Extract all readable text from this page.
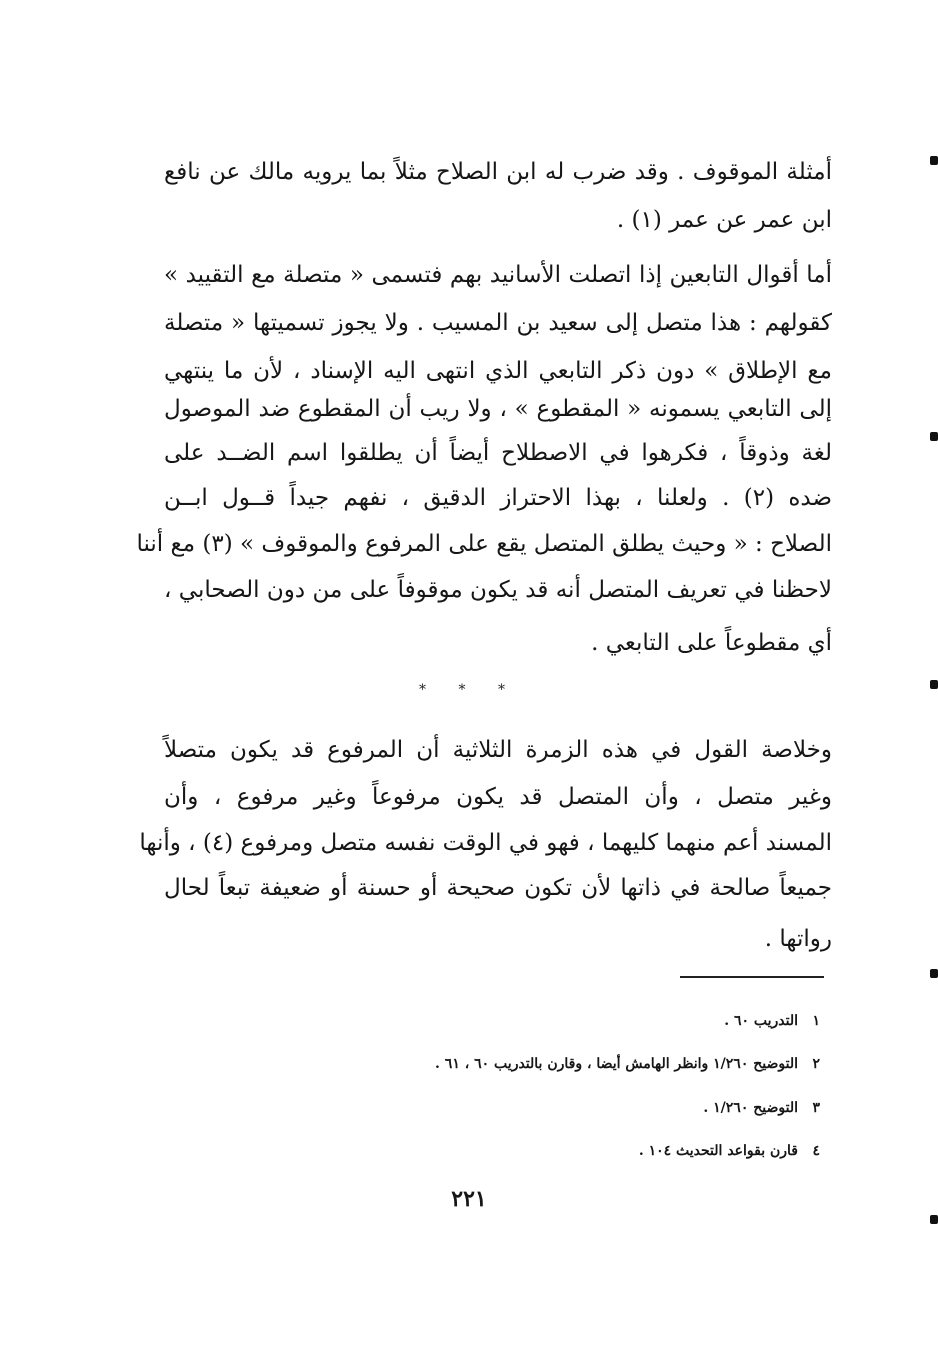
أمثلة الموقوف . وقد ضرب له ابن الصلاح مثلاً بما يرويه مالك عن نافع
ابن عمر عن عمر (١) .
أما أقوال التابعين إذا اتصلت الأسانيد بهم فتسمى « متصلة مع التقييد »
كقولهم : هذا متصل إلى سعيد بن المسيب . ولا يجوز تسميتها « متصلة
مع الإطلاق » دون ذكر التابعي الذي انتهى اليه الإسناد ، لأن ما ينتهي
إلى التابعي يسمونه « المقطوع » ، ولا ريب أن المقطوع ضد الموصول
لغة وذوقاً ، فكرهوا في الاصطلاح أيضاً أن يطلقوا اسم الضــد على
ضده (٢) . ولعلنا ، بهذا الاحتراز الدقيق ، نفهم جيداً قــول ابــن
الصلاح : « وحيث يطلق المتصل يقع على المرفوع والموقوف » (٣) مع أننا
لاحظنا في تعريف المتصل أنه قد يكون موقوفاً على من دون الصحابي ،
أي مقطوعاً على التابعي .
* * *
وخلاصة القول في هذه الزمرة الثلاثية أن المرفوع قد يكون متصلاً
وغير متصل ، وأن المتصل قد يكون مرفوعاً وغير مرفوع ، وأن
المسند أعم منهما كليهما ، فهو في الوقت نفسه متصل ومرفوع (٤) ، وأنها
جميعاً صالحة في ذاتها لأن تكون صحيحة أو حسنة أو ضعيفة تبعاً لحال
رواتها .
١التدريب ٦٠ .
٢التوضيح ١/٢٦٠ وانظر الهامش أيضا ، وقارن بالتدريب ٦٠ ، ٦١ .
٣التوضيح ١/٢٦٠ .
٤قارن بقواعد التحديث ١٠٤ .
٢٢١
